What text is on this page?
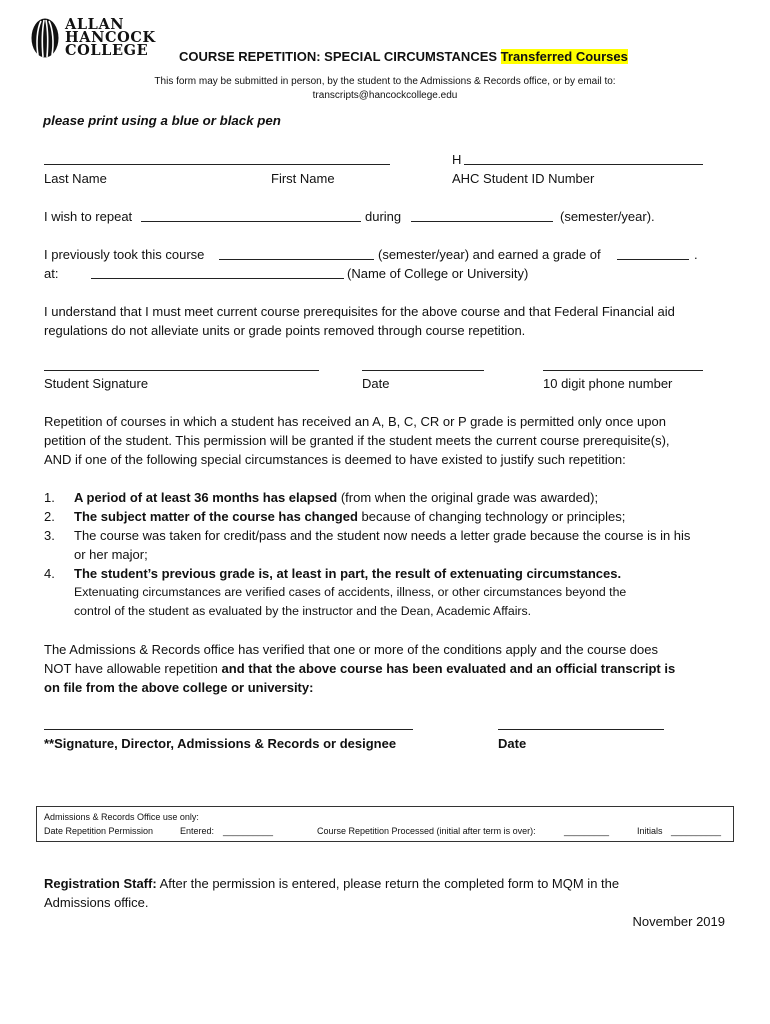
ALLAN
HANCOCK
COLLEGE	COURSE REPETITION: SPECIAL CIRCUMSTANCES Transferred Courses
This form may be submitted in person, by the student to the Admissions & Records office, or by email to:
transcripts@hancockcollege.edu
please print using a blue or black pen
H
Last Name	First Name	AHC Student ID Number
I wish to repeat	during	(semester/year).
I previously took this course	(semester/year) and earned a grade of	.
at:	(Name of College or University)
I understand that I must meet current course prerequisites for the above course and that Federal Financial aid
regulations do not alleviate units or grade points removed through course repetition.
Student Signature	Date	10 digit phone number
Repetition of courses in which a student has received an A, B, C, CR or P grade is permitted only once upon
petition of the student. This permission will be granted if the student meets the current course prerequisite(s),
AND if one of the following special circumstances is deemed to have existed to justify such repetition:
1. A period of at least 36 months has elapsed (from when the original grade was awarded);
2. The subject matter of the course has changed because of changing technology or principles;
3. The course was taken for credit/pass and the student now needs a letter grade because the course is in his
or her major;
4. The student’s previous grade is, at least in part, the result of extenuating circumstances.
Extenuating circumstances are verified cases of accidents, illness, or other circumstances beyond the
control of the student as evaluated by the instructor and the Dean, Academic Affairs.
The Admissions & Records office has verified that one or more of the conditions apply and the course does
NOT have allowable repetition and that the above course has been evaluated and an official transcript is
on file from the above college or university:
**Signature, Director, Admissions & Records or designee	Date
Admissions & Records Office use only:
Date Repetition Permission	Entered: __________	Course Repetition Processed (initial after term is over):	_________	Initials __________
Registration Staff: After the permission is entered, please return the completed form to MQM in the
Admissions office.
November 2019
